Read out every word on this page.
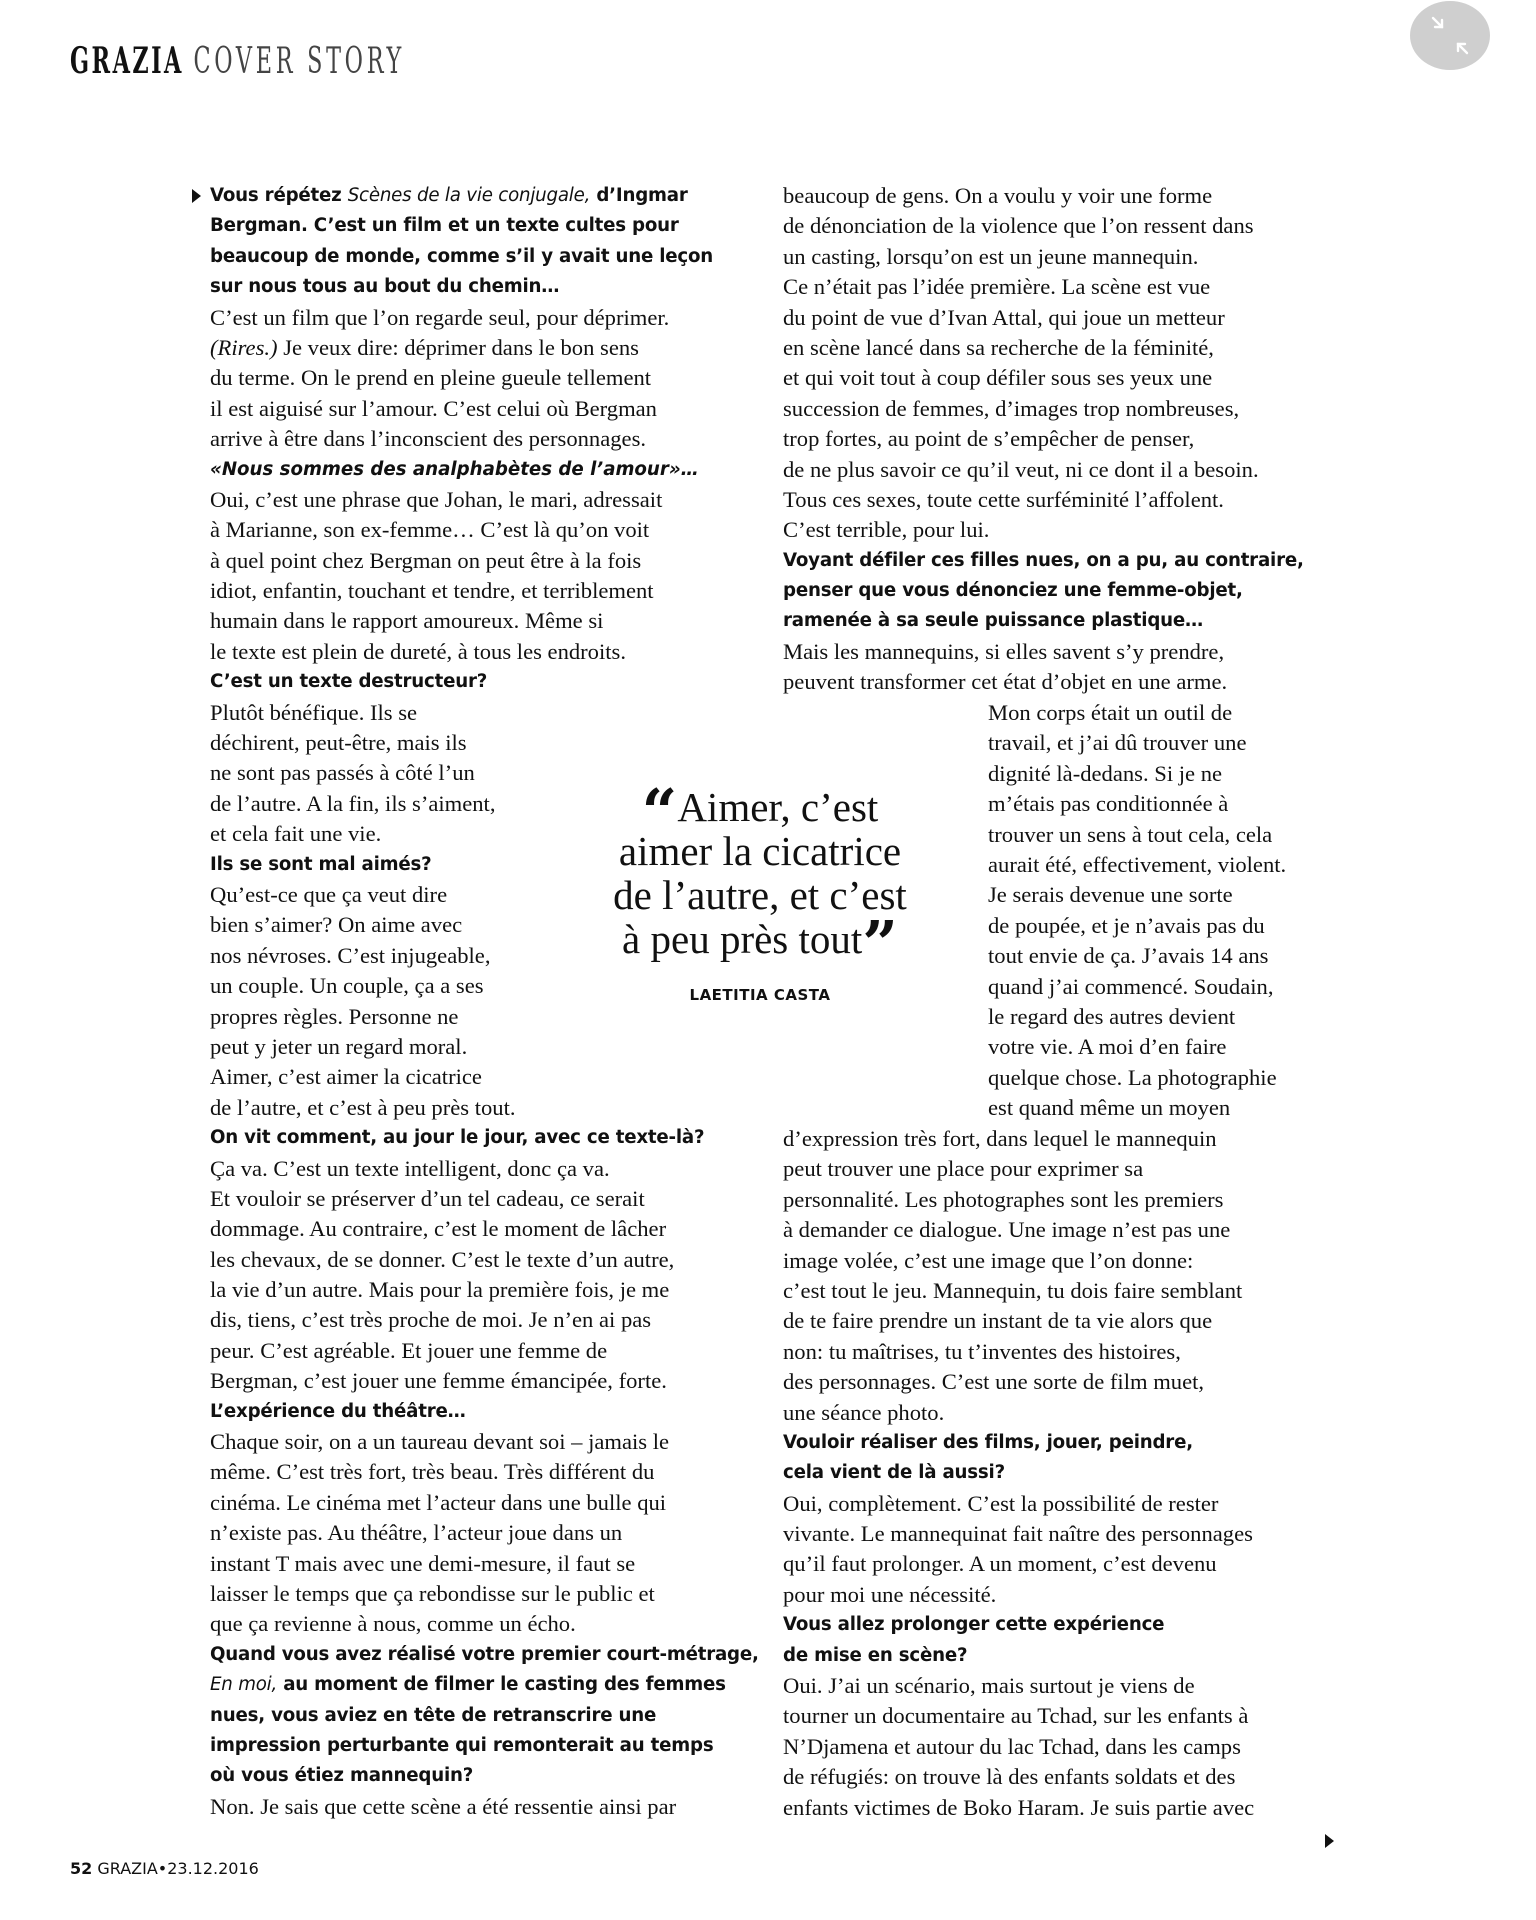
GRAZIA COVER STORY
Vous répétez Scènes de la vie conjugale, d’Ingmar
Bergman. C’est un film et un texte cultes pour
beaucoup de monde, comme s’il y avait une leçon
sur nous tous au bout du chemin…
C’est un film que l’on regarde seul, pour déprimer.
(Rires.) Je veux dire: déprimer dans le bon sens
du terme. On le prend en pleine gueule tellement
il est aiguisé sur l’amour. C’est celui où Bergman
arrive à être dans l’inconscient des personnages.
«Nous sommes des analphabètes de l’amour»…
Oui, c’est une phrase que Johan, le mari, adressait
à Marianne, son ex-femme… C’est là qu’on voit
à quel point chez Bergman on peut être à la fois
idiot, enfantin, touchant et tendre, et terriblement
humain dans le rapport amoureux. Même si
le texte est plein de dureté, à tous les endroits.
C’est un texte destructeur?
Plutôt bénéfique. Ils se
déchirent, peut-être, mais ils
ne sont pas passés à côté l’un
de l’autre. A la fin, ils s’aiment,
et cela fait une vie.
Ils se sont mal aimés?
Qu’est-ce que ça veut dire
bien s’aimer? On aime avec
nos névroses. C’est injugeable,
un couple. Un couple, ça a ses
propres règles. Personne ne
peut y jeter un regard moral.
Aimer, c’est aimer la cicatrice
de l’autre, et c’est à peu près tout.
On vit comment, au jour le jour, avec ce texte-là?
Ça va. C’est un texte intelligent, donc ça va.
Et vouloir se préserver d’un tel cadeau, ce serait
dommage. Au contraire, c’est le moment de lâcher
les chevaux, de se donner. C’est le texte d’un autre,
la vie d’un autre. Mais pour la première fois, je me
dis, tiens, c’est très proche de moi. Je n’en ai pas
peur. C’est agréable. Et jouer une femme de
Bergman, c’est jouer une femme émancipée, forte.
L’expérience du théâtre…
Chaque soir, on a un taureau devant soi – jamais le
même. C’est très fort, très beau. Très différent du
cinéma. Le cinéma met l’acteur dans une bulle qui
n’existe pas. Au théâtre, l’acteur joue dans un
instant T mais avec une demi-mesure, il faut se
laisser le temps que ça rebondisse sur le public et
que ça revienne à nous, comme un écho.
Quand vous avez réalisé votre premier court-métrage,
En moi, au moment de filmer le casting des femmes
nues, vous aviez en tête de retranscrire une
impression perturbante qui remonterait au temps
où vous étiez mannequin?
Non. Je sais que cette scène a été ressentie ainsi par
beaucoup de gens. On a voulu y voir une forme
de dénonciation de la violence que l’on ressent dans
un casting, lorsqu’on est un jeune mannequin.
Ce n’était pas l’idée première. La scène est vue
du point de vue d’Ivan Attal, qui joue un metteur
en scène lancé dans sa recherche de la féminité,
et qui voit tout à coup défiler sous ses yeux une
succession de femmes, d’images trop nombreuses,
trop fortes, au point de s’empêcher de penser,
de ne plus savoir ce qu’il veut, ni ce dont il a besoin.
Tous ces sexes, toute cette surféminité l’affolent.
C’est terrible, pour lui.
Voyant défiler ces filles nues, on a pu, au contraire,
penser que vous dénonciez une femme-objet,
ramenée à sa seule puissance plastique…
Mais les mannequins, si elles savent s’y prendre,
peuvent transformer cet état d’objet en une arme.
Mon corps était un outil de
travail, et j’ai dû trouver une
dignité là-dedans. Si je ne
m’étais pas conditionnée à
trouver un sens à tout cela, cela
aurait été, effectivement, violent.
Je serais devenue une sorte
de poupée, et je n’avais pas du
tout envie de ça. J’avais 14 ans
quand j’ai commencé. Soudain,
le regard des autres devient
votre vie. A moi d’en faire
quelque chose. La photographie
est quand même un moyen
d’expression très fort, dans lequel le mannequin
peut trouver une place pour exprimer sa
personnalité. Les photographes sont les premiers
à demander ce dialogue. Une image n’est pas une
image volée, c’est une image que l’on donne:
c’est tout le jeu. Mannequin, tu dois faire semblant
de te faire prendre un instant de ta vie alors que
non: tu maîtrises, tu t’inventes des histoires,
des personnages. C’est une sorte de film muet,
une séance photo.
Vouloir réaliser des films, jouer, peindre,
cela vient de là aussi?
Oui, complètement. C’est la possibilité de rester
vivante. Le mannequinat fait naître des personnages
qu’il faut prolonger. A un moment, c’est devenu
pour moi une nécessité.
Vous allez prolonger cette expérience
de mise en scène?
Oui. J’ai un scénario, mais surtout je viens de
tourner un documentaire au Tchad, sur les enfants à
N’Djamena et autour du lac Tchad, dans les camps
de réfugiés: on trouve là des enfants soldats et des
enfants victimes de Boko Haram. Je suis partie avec
“Aimer, c’est
aimer la cicatrice
de l’autre, et c’est
à peu près tout”
LAETITIA CASTA
52 GRAZIA•23.12.2016
